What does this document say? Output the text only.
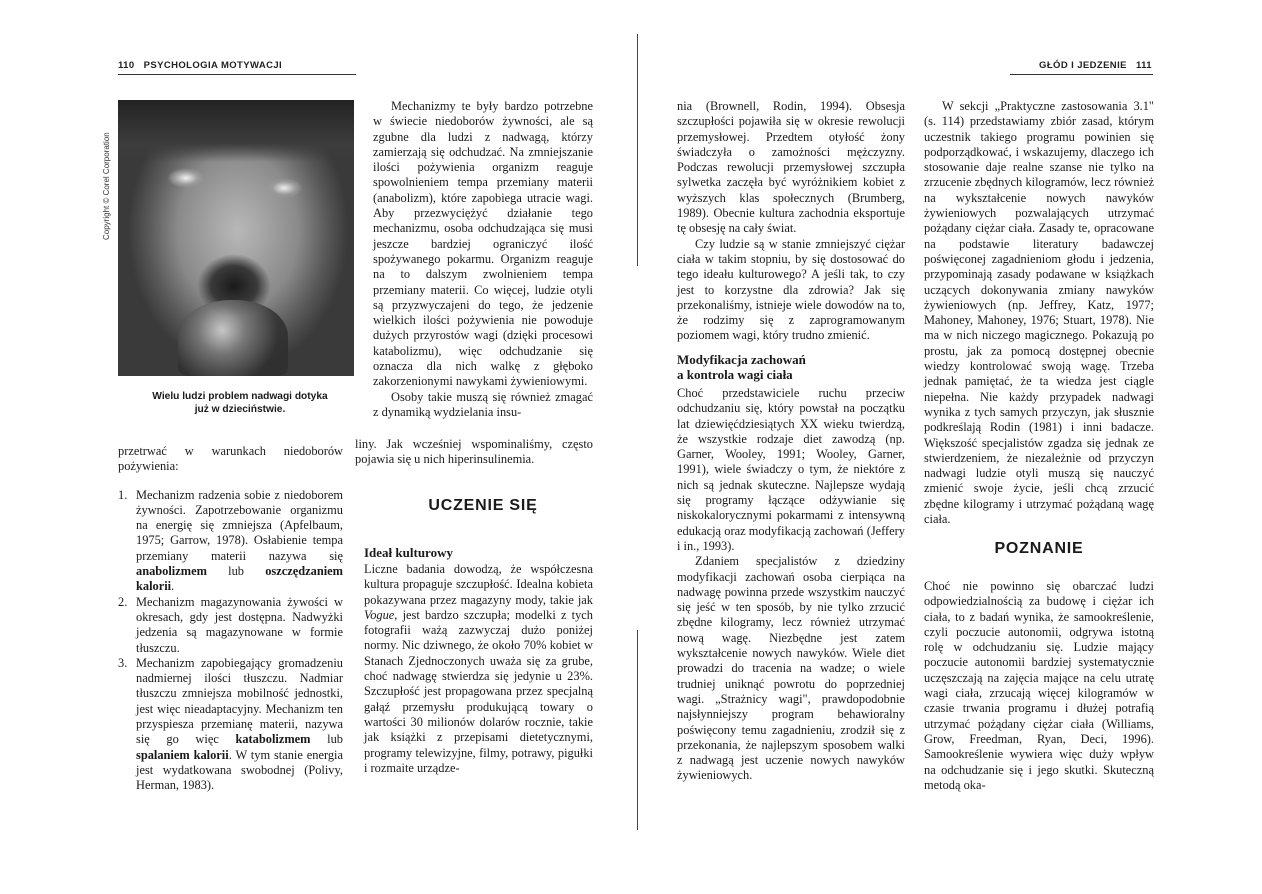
110 PSYCHOLOGIA MOTYWACJI	GŁÓD I JEDZENIE 111
Copyright © Corel Corporation
Wielu ludzi problem nadwagi dotyka
już w dzieciństwie.

Mechanizmy te były bardzo potrzebne w świecie niedoborów żywności, ale są zgubne dla ludzi z nadwagą, którzy zamierzają się odchudzać. Na zmniejszanie ilości pożywienia organizm reaguje spowolnieniem tempa przemiany materii (anabolizm), które zapobiega utracie wagi. Aby przezwyciężyć działanie tego mechanizmu, osoba odchudzająca się musi jeszcze bardziej ograniczyć ilość spożywanego pokarmu. Organizm reaguje na to dalszym zwolnieniem tempa przemiany materii. Co więcej, ludzie otyli są przyzwyczajeni do tego, że jedzenie wielkich ilości pożywienia nie powoduje dużych przyrostów wagi (dzięki procesowi katabolizmu), więc odchudzanie się oznacza dla nich walkę z głęboko zakorzenionymi nawykami żywieniowymi.

Osoby takie muszą się również zmagać z dynamiką wydzielania insu-

liny. Jak wcześniej wspominaliśmy, często pojawia się u nich hiperinsulinemia.

przetrwać w warunkach niedoborów pożywienia:

1. Mechanizm radzenia sobie z niedoborem żywności. Zapotrzebowanie organizmu na energię się zmniejsza (Apfelbaum, 1975; Garrow, 1978). Osłabienie tempa przemiany materii nazywa się anabolizmem lub oszczędzaniem kalorii.
2. Mechanizm magazynowania żywości w okresach, gdy jest dostępna. Nadwyżki jedzenia są magazynowane w formie tłuszczu.
3. Mechanizm zapobiegający gromadzeniu nadmiernej ilości tłuszczu. Nadmiar tłuszczu zmniejsza mobilność jednostki, jest więc nieadaptacyjny. Mechanizm ten przyspiesza przemianę materii, nazywa się go więc katabolizmem lub spalaniem kalorii. W tym stanie energia jest wydatkowana swobodnej (Polivy, Herman, 1983).
UCZENIE SIĘ
Ideał kulturowy

Liczne badania dowodzą, że współczesna kultura propaguje szczupłość. Idealna kobieta pokazywana przez magazyny mody, takie jak Vogue, jest bardzo szczupła; modelki z tych fotografii ważą zazwyczaj dużo poniżej normy. Nic dziwnego, że około 70% kobiet w Stanach Zjednoczonych uważa się za grube, choć nadwagę stwierdza się jedynie u 23%. Szczupłość jest propagowana przez specjalną gałąź przemysłu produkującą towary o wartości 30 milionów dolarów rocznie, takie jak książki z przepisami dietetycznymi, programy telewizyjne, filmy, potrawy, pigułki i rozmaite urządze-

nia (Brownell, Rodin, 1994). Obsesja szczupłości pojawiła się w okresie rewolucji przemysłowej. Przedtem otyłość żony świadczyła o zamożności mężczyzny. Podczas rewolucji przemysłowej szczupła sylwetka zaczęła być wyróżnikiem kobiet z wyższych klas społecznych (Brumberg, 1989). Obecnie kultura zachodnia eksportuje tę obsesję na cały świat.

Czy ludzie są w stanie zmniejszyć ciężar ciała w takim stopniu, by się dostosować do tego ideału kulturowego? A jeśli tak, to czy jest to korzystne dla zdrowia? Jak się przekonaliśmy, istnieje wiele dowodów na to, że rodzimy się z zaprogramowanym poziomem wagi, który trudno zmienić.

Modyfikacja zachowań
a kontrola wagi ciała

Choć przedstawiciele ruchu przeciw odchudzaniu się, który powstał na początku lat dziewięćdziesiątych XX wieku twierdzą, że wszystkie rodzaje diet zawodzą (np. Garner, Wooley, 1991; Wooley, Garner, 1991), wiele świadczy o tym, że niektóre z nich są jednak skuteczne. Najlepsze wydają się programy łączące odżywianie się niskokalorycznymi pokarmami z intensywną edukacją oraz modyfikacją zachowań (Jeffery i in., 1993).

Zdaniem specjalistów z dziedziny modyfikacji zachowań osoba cierpiąca na nadwagę powinna przede wszystkim nauczyć się jeść w ten sposób, by nie tylko zrzucić zbędne kilogramy, lecz również utrzymać nową wagę. Niezbędne jest zatem wykształcenie nowych nawyków. Wiele diet prowadzi do tracenia na wadze; o wiele trudniej uniknąć powrotu do poprzedniej wagi. „Strażnicy wagi", prawdopodobnie najsłynniejszy program behawioralny poświęcony temu zagadnieniu, zrodził się z przekonania, że najlepszym sposobem walki z nadwagą jest uczenie nowych nawyków żywieniowych.

W sekcji „Praktyczne zastosowania 3.1" (s. 114) przedstawiamy zbiór zasad, którym uczestnik takiego programu powinien się podporządkować, i wskazujemy, dlaczego ich stosowanie daje realne szanse nie tylko na zrzucenie zbędnych kilogramów, lecz również na wykształcenie nowych nawyków żywieniowych pozwalających utrzymać pożądany ciężar ciała. Zasady te, opracowane na podstawie literatury badawczej poświęconej zagadnieniom głodu i jedzenia, przypominają zasady podawane w książkach uczących dokonywania zmiany nawyków żywieniowych (np. Jeffrey, Katz, 1977; Mahoney, Mahoney, 1976; Stuart, 1978). Nie ma w nich niczego magicznego. Pokazują po prostu, jak za pomocą dostępnej obecnie wiedzy kontrolować swoją wagę. Trzeba jednak pamiętać, że ta wiedza jest ciągle niepełna. Nie każdy przypadek nadwagi wynika z tych samych przyczyn, jak słusznie podkreślają Rodin (1981) i inni badacze. Większość specjalistów zgadza się jednak ze stwierdzeniem, że niezależnie od przyczyn nadwagi ludzie otyli muszą się nauczyć zmienić swoje życie, jeśli chcą zrzucić zbędne kilogramy i utrzymać pożądaną wagę ciała.

POZNANIE

Choć nie powinno się obarczać ludzi odpowiedzialnością za budowę i ciężar ich ciała, to z badań wynika, że samookreślenie, czyli poczucie autonomii, odgrywa istotną rolę w odchudzaniu się. Ludzie mający poczucie autonomii bardziej systematycznie uczęszczają na zajęcia mające na celu utratę wagi ciała, zrzucają więcej kilogramów w czasie trwania programu i dłużej potrafią utrzymać pożądany ciężar ciała (Williams, Grow, Freedman, Ryan, Deci, 1996). Samookreślenie wywiera więc duży wpływ na odchudzanie się i jego skutki. Skuteczną metodą oka-
